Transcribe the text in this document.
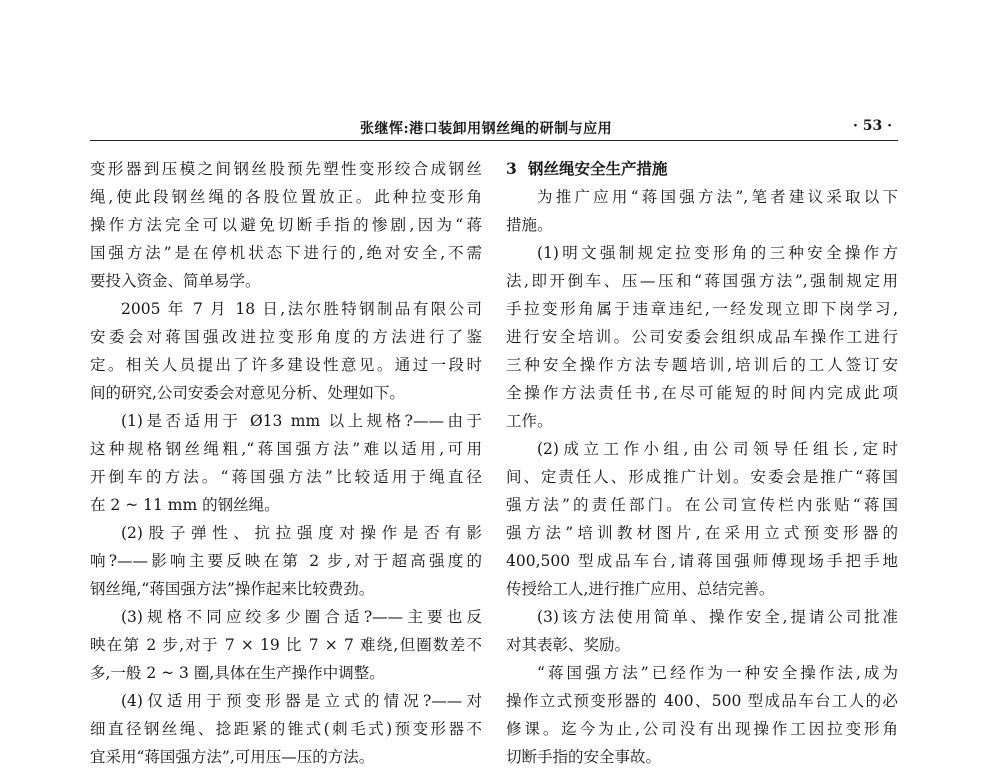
张继恽:港口装卸用钢丝绳的研制与应用	· 53 ·
变形器到压模之间钢丝股预先塑性变形绞合成钢丝
绳,使此段钢丝绳的各股位置放正。此种拉变形角
操作方法完全可以避免切断手指的惨剧,因为“蒋
国强方法”是在停机状态下进行的,绝对安全,不需
要投入资金、简单易学。
2005 年 7 月 18 日,法尔胜特钢制品有限公司
安委会对蒋国强改进拉变形角度的方法进行了鉴
定。相关人员提出了许多建设性意见。通过一段时
间的研究,公司安委会对意见分析、处理如下。
(1)是否适用于 Ø13 mm 以上规格?——由于
这种规格钢丝绳粗,“蒋国强方法”难以适用,可用
开倒车的方法。“蒋国强方法”比较适用于绳直径
在 2 ~ 11 mm 的钢丝绳。
(2)股子弹性、抗拉强度对操作是否有影
响?——影响主要反映在第 2 步,对于超高强度的
钢丝绳,“蒋国强方法”操作起来比较费劲。
(3)规格不同应绞多少圈合适?——主要也反
映在第 2 步,对于 7 × 19 比 7 × 7 难绕,但圈数差不
多,一般 2 ~ 3 圈,具体在生产操作中调整。
(4)仅适用于预变形器是立式的情况?——对
细直径钢丝绳、捻距紧的锥式(刺毛式)预变形器不
宜采用“蒋国强方法”,可用压—压的方法。
3 钢丝绳安全生产措施
为推广应用“蒋国强方法”,笔者建议采取以下
措施。
(1)明文强制规定拉变形角的三种安全操作方
法,即开倒车、压—压和“蒋国强方法”,强制规定用
手拉变形角属于违章违纪,一经发现立即下岗学习,
进行安全培训。公司安委会组织成品车操作工进行
三种安全操作方法专题培训,培训后的工人签订安
全操作方法责任书,在尽可能短的时间内完成此项
工作。
(2)成立工作小组,由公司领导任组长,定时
间、定责任人、形成推广计划。安委会是推广“蒋国
强方法”的责任部门。在公司宣传栏内张贴“蒋国
强方法”培训教材图片,在采用立式预变形器的
400,500 型成品车台,请蒋国强师傅现场手把手地
传授给工人,进行推广应用、总结完善。
(3)该方法使用简单、操作安全,提请公司批准
对其表彰、奖励。
“蒋国强方法”已经作为一种安全操作法,成为
操作立式预变形器的 400、500 型成品车台工人的必
修课。迄今为止,公司没有出现操作工因拉变形角
切断手指的安全事故。
